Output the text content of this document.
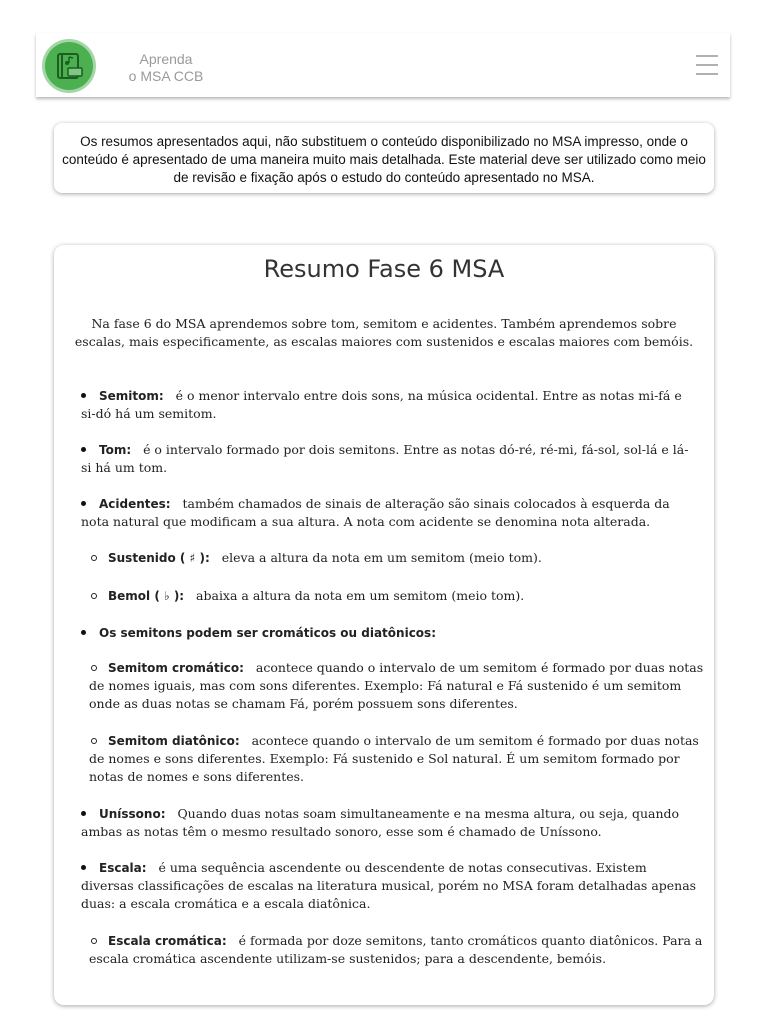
Aprenda
o MSA CCB
Os resumos apresentados aqui, não substituem o conteúdo disponibilizado no MSA impresso, onde o conteúdo é apresentado de uma maneira muito mais detalhada. Este material deve ser utilizado como meio de revisão e fixação após o estudo do conteúdo apresentado no MSA.
Resumo Fase 6 MSA
Na fase 6 do MSA aprendemos sobre tom, semitom e acidentes. Também aprendemos sobre escalas, mais especificamente, as escalas maiores com sustenidos e escalas maiores com bemóis.
Semitom: é o menor intervalo entre dois sons, na música ocidental. Entre as notas mi-fá e si-dó há um semitom.
Tom: é o intervalo formado por dois semitons. Entre as notas dó-ré, ré-mi, fá-sol, sol-lá e lá-si há um tom.
Acidentes: também chamados de sinais de alteração são sinais colocados à esquerda da nota natural que modificam a sua altura. A nota com acidente se denomina nota alterada.
Sustenido ( ♯ ): eleva a altura da nota em um semitom (meio tom).
Bemol ( ♭ ): abaixa a altura da nota em um semitom (meio tom).
Os semitons podem ser cromáticos ou diatônicos:
Semitom cromático: acontece quando o intervalo de um semitom é formado por duas notas de nomes iguais, mas com sons diferentes. Exemplo: Fá natural e Fá sustenido é um semitom onde as duas notas se chamam Fá, porém possuem sons diferentes.
Semitom diatônico: acontece quando o intervalo de um semitom é formado por duas notas de nomes e sons diferentes. Exemplo: Fá sustenido e Sol natural. É um semitom formado por notas de nomes e sons diferentes.
Uníssono: Quando duas notas soam simultaneamente e na mesma altura, ou seja, quando ambas as notas têm o mesmo resultado sonoro, esse som é chamado de Uníssono.
Escala: é uma sequência ascendente ou descendente de notas consecutivas. Existem diversas classificações de escalas na literatura musical, porém no MSA foram detalhadas apenas duas: a escala cromática e a escala diatônica.
Escala cromática: é formada por doze semitons, tanto cromáticos quanto diatônicos. Para a escala cromática ascendente utilizam-se sustenidos; para a descendente, bemóis.
